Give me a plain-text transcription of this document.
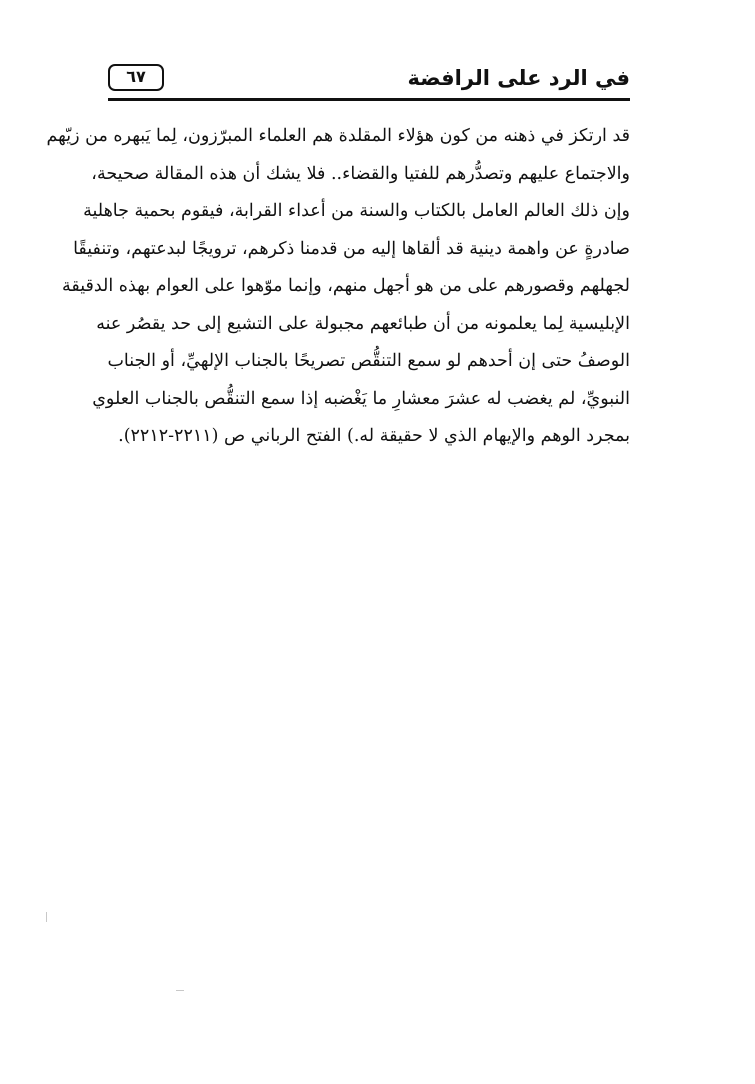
في الرد على الرافضة
٦٧
قد ارتكز في ذهنه من كون هؤلاء المقلدة هم العلماء المبرّزون، لِما يَبهره من زيّهم
والاجتماع عليهم وتصدُّرهم للفتيا والقضاء.. فلا يشك أن هذه المقالة صحيحة،
وإن ذلك العالم العامل بالكتاب والسنة من أعداء القرابة، فيقوم بحمية جاهلية
صادرةٍ عن واهمة دينية قد ألقاها إليه من قدمنا ذكرهم، ترويجًا لبدعتهم، وتنفيقًا
لجهلهم وقصورهم على من هو أجهل منهم، وإنما موّهوا على العوام بهذه الدقيقة
الإبليسية لِما يعلمونه من أن طبائعهم مجبولة على التشيع إلى حد يقصُر عنه
الوصفُ حتى إن أحدهم لو سمع التنقُّص تصريحًا بالجناب الإلهيِّ، أو الجناب
النبويِّ، لم يغضب له عشرَ معشارِ ما يَغْضبه إذا سمع التنقُّص بالجناب العلوي
بمجرد الوهم والإيهام الذي لا حقيقة له.) الفتح الرباني ص (٢٢١١-٢٢١٢).
